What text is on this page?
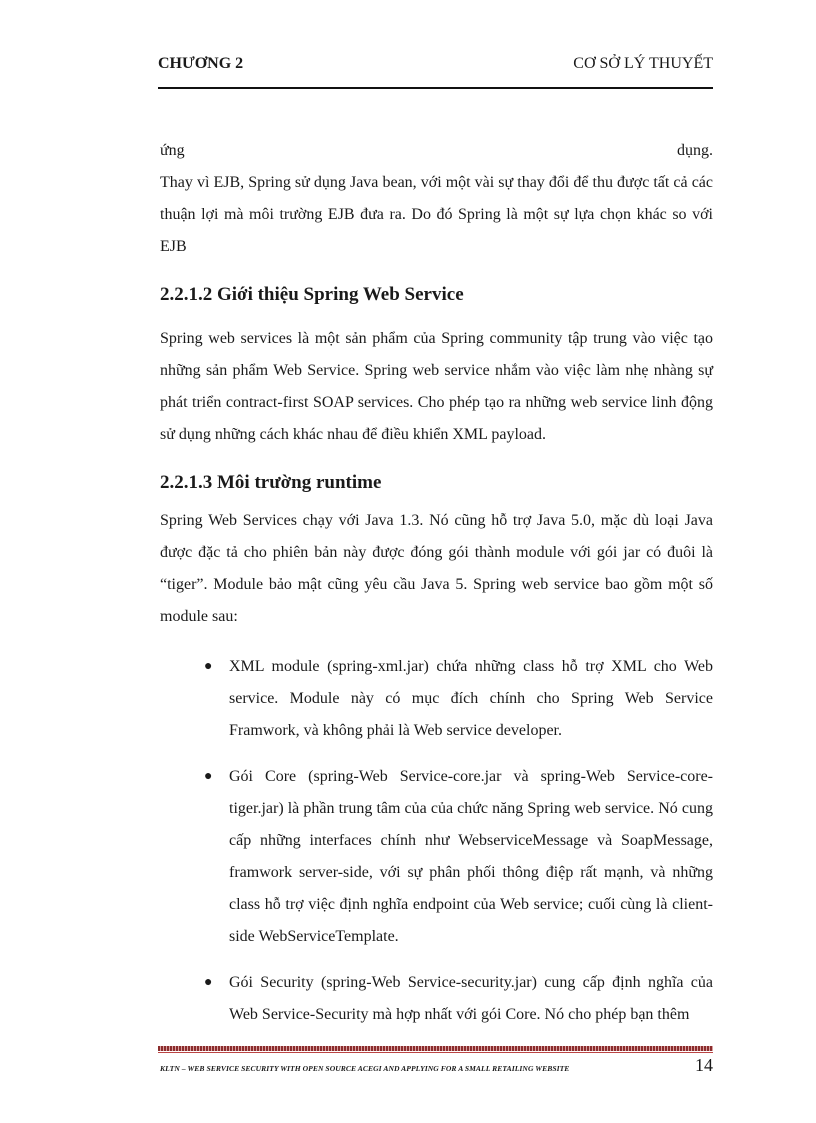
CHƯƠNG 2	CƠ SỞ LÝ THUYẾT
ứng	dụng.

Thay vì EJB, Spring sử dụng Java bean, với một vài sự thay đổi để thu được tất cả các thuận lợi mà môi trường EJB đưa ra. Do đó Spring là một sự lựa chọn khác so với EJB

2.2.1.2 Giới thiệu Spring Web Service

Spring web services là một sản phẩm của Spring community tập trung vào việc tạo những sản phẩm Web Service. Spring web service nhắm vào việc làm nhẹ nhàng sự phát triển contract-first SOAP services. Cho phép tạo ra những web service linh động sử dụng những cách khác nhau để điều khiển XML payload.

2.2.1.3 Môi trường runtime

Spring Web Services chạy với Java 1.3. Nó cũng hỗ trợ Java 5.0, mặc dù loại Java được đặc tả cho phiên bản này được đóng gói thành module với gói jar có đuôi là “tiger”. Module bảo mật cũng yêu cầu Java 5. Spring web service bao gồm một số module sau:

● XML module (spring-xml.jar) chứa những class hỗ trợ XML cho Web service. Module này có mục đích chính cho Spring Web Service Framwork, và không phải là Web service developer.
● Gói Core (spring-Web Service-core.jar và spring-Web Service-core-tiger.jar) là phần trung tâm của của chức năng Spring web service. Nó cung cấp những interfaces chính như WebserviceMessage và SoapMessage, framwork server-side, với sự phân phối thông điệp rất mạnh, và những class hỗ trợ việc định nghĩa endpoint của Web service; cuối cùng là client-side WebServiceTemplate.
● Gói Security (spring-Web Service-security.jar) cung cấp định nghĩa của Web Service-Security mà hợp nhất với gói Core. Nó cho phép bạn thêm
KLTN – WEB SERVICE SECURITY WITH OPEN SOURCE ACEGI AND APPLYING FOR A SMALL RETAILING WEBSITE	14
